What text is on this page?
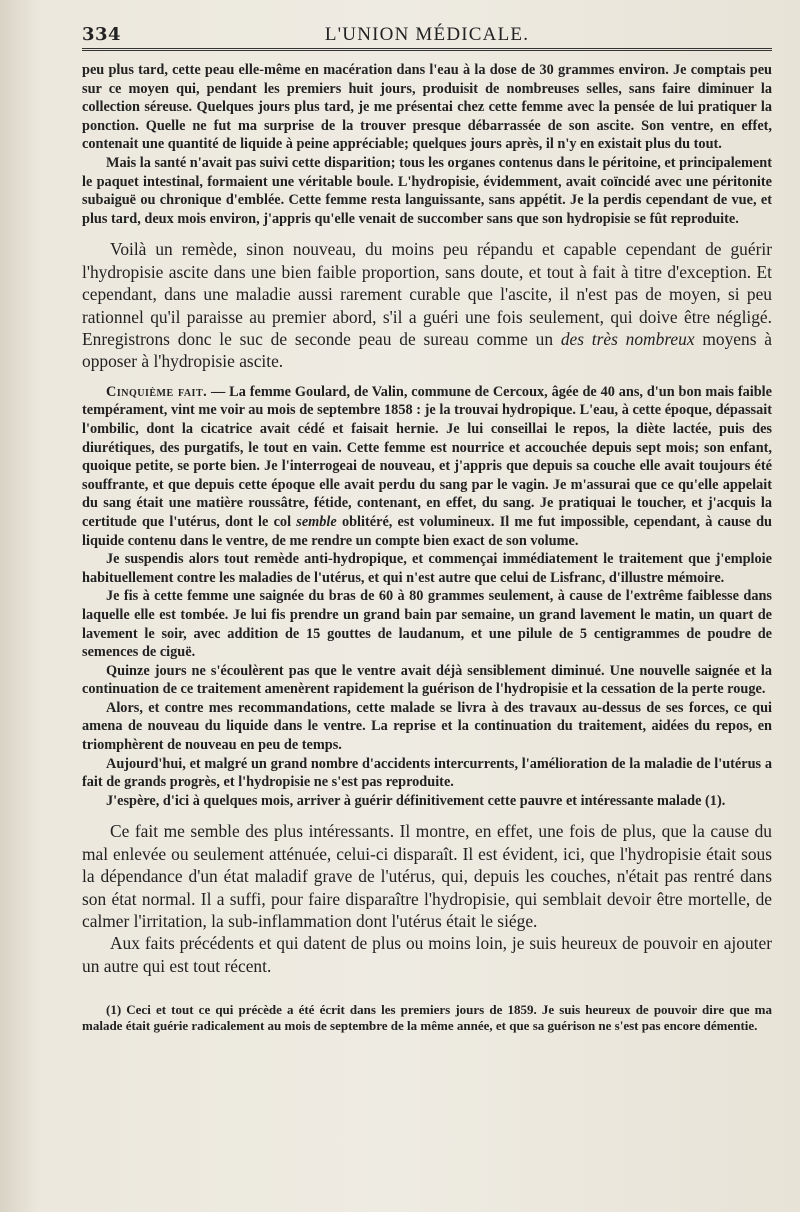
334	L'UNION MÉDICALE.

peu plus tard, cette peau elle-même en macération dans l'eau à la dose de 30 grammes environ. Je comptais peu sur ce moyen qui, pendant les premiers huit jours, produisit de nombreuses selles, sans faire diminuer la collection séreuse. Quelques jours plus tard, je me présentai chez cette femme avec la pensée de lui pratiquer la ponction. Quelle ne fut ma surprise de la trouver presque débarrassée de son ascite. Son ventre, en effet, contenait une quantité de liquide à peine appréciable; quelques jours après, il n'y en existait plus du tout.

Mais la santé n'avait pas suivi cette disparition; tous les organes contenus dans le péritoine, et principalement le paquet intestinal, formaient une véritable boule. L'hydropisie, évidemment, avait coïncidé avec une péritonite subaiguë ou chronique d'emblée. Cette femme resta languissante, sans appétit. Je la perdis cependant de vue, et plus tard, deux mois environ, j'appris qu'elle venait de succomber sans que son hydropisie se fût reproduite.

Voilà un remède, sinon nouveau, du moins peu répandu et capable cependant de guérir l'hydropisie ascite dans une bien faible proportion, sans doute, et tout à fait à titre d'exception. Et cependant, dans une maladie aussi rarement curable que l'ascite, il n'est pas de moyen, si peu rationnel qu'il paraisse au premier abord, s'il a guéri une fois seulement, qui doive être négligé. Enregistrons donc le suc de seconde peau de sureau comme un des très nombreux moyens à opposer à l'hydropisie ascite.

Cinquième fait. — La femme Goulard, de Valin, commune de Cercoux, âgée de 40 ans, d'un bon mais faible tempérament, vint me voir au mois de septembre 1858 : je la trouvai hydropique. L'eau, à cette époque, dépassait l'ombilic, dont la cicatrice avait cédé et faisait hernie. Je lui conseillai le repos, la diète lactée, puis des diurétiques, des purgatifs, le tout en vain. Cette femme est nourrice et accouchée depuis sept mois; son enfant, quoique petite, se porte bien. Je l'interrogeai de nouveau, et j'appris que depuis sa couche elle avait toujours été souffrante, et que depuis cette époque elle avait perdu du sang par le vagin. Je m'assurai que ce qu'elle appelait du sang était une matière roussâtre, fétide, contenant, en effet, du sang. Je pratiquai le toucher, et j'acquis la certitude que l'utérus, dont le col semble oblitéré, est volumineux. Il me fut impossible, cependant, à cause du liquide contenu dans le ventre, de me rendre un compte bien exact de son volume.

Je suspendis alors tout remède anti-hydropique, et commençai immédiatement le traitement que j'emploie habituellement contre les maladies de l'utérus, et qui n'est autre que celui de Lisfranc, d'illustre mémoire.

Je fis à cette femme une saignée du bras de 60 à 80 grammes seulement, à cause de l'extrême faiblesse dans laquelle elle est tombée. Je lui fis prendre un grand bain par semaine, un grand lavement le matin, un quart de lavement le soir, avec addition de 15 gouttes de laudanum, et une pilule de 5 centigrammes de poudre de semences de ciguë.

Quinze jours ne s'écoulèrent pas que le ventre avait déjà sensiblement diminué. Une nouvelle saignée et la continuation de ce traitement amenèrent rapidement la guérison de l'hydropisie et la cessation de la perte rouge.

Alors, et contre mes recommandations, cette malade se livra à des travaux au-dessus de ses forces, ce qui amena de nouveau du liquide dans le ventre. La reprise et la continuation du traitement, aidées du repos, en triomphèrent de nouveau en peu de temps.

Aujourd'hui, et malgré un grand nombre d'accidents intercurrents, l'amélioration de la maladie de l'utérus a fait de grands progrès, et l'hydropisie ne s'est pas reproduite.

J'espère, d'ici à quelques mois, arriver à guérir définitivement cette pauvre et intéressante malade (1).

Ce fait me semble des plus intéressants. Il montre, en effet, une fois de plus, que la cause du mal enlevée ou seulement atténuée, celui-ci disparaît. Il est évident, ici, que l'hydropisie était sous la dépendance d'un état maladif grave de l'utérus, qui, depuis les couches, n'était pas rentré dans son état normal. Il a suffi, pour faire disparaître l'hydropisie, qui semblait devoir être mortelle, de calmer l'irritation, la sub-inflammation dont l'utérus était le siége.

Aux faits précédents et qui datent de plus ou moins loin, je suis heureux de pouvoir en ajouter un autre qui est tout récent.

(1) Ceci et tout ce qui précède a été écrit dans les premiers jours de 1859. Je suis heureux de pouvoir dire que ma malade était guérie radicalement au mois de septembre de la même année, et que sa guérison ne s'est pas encore démentie.
